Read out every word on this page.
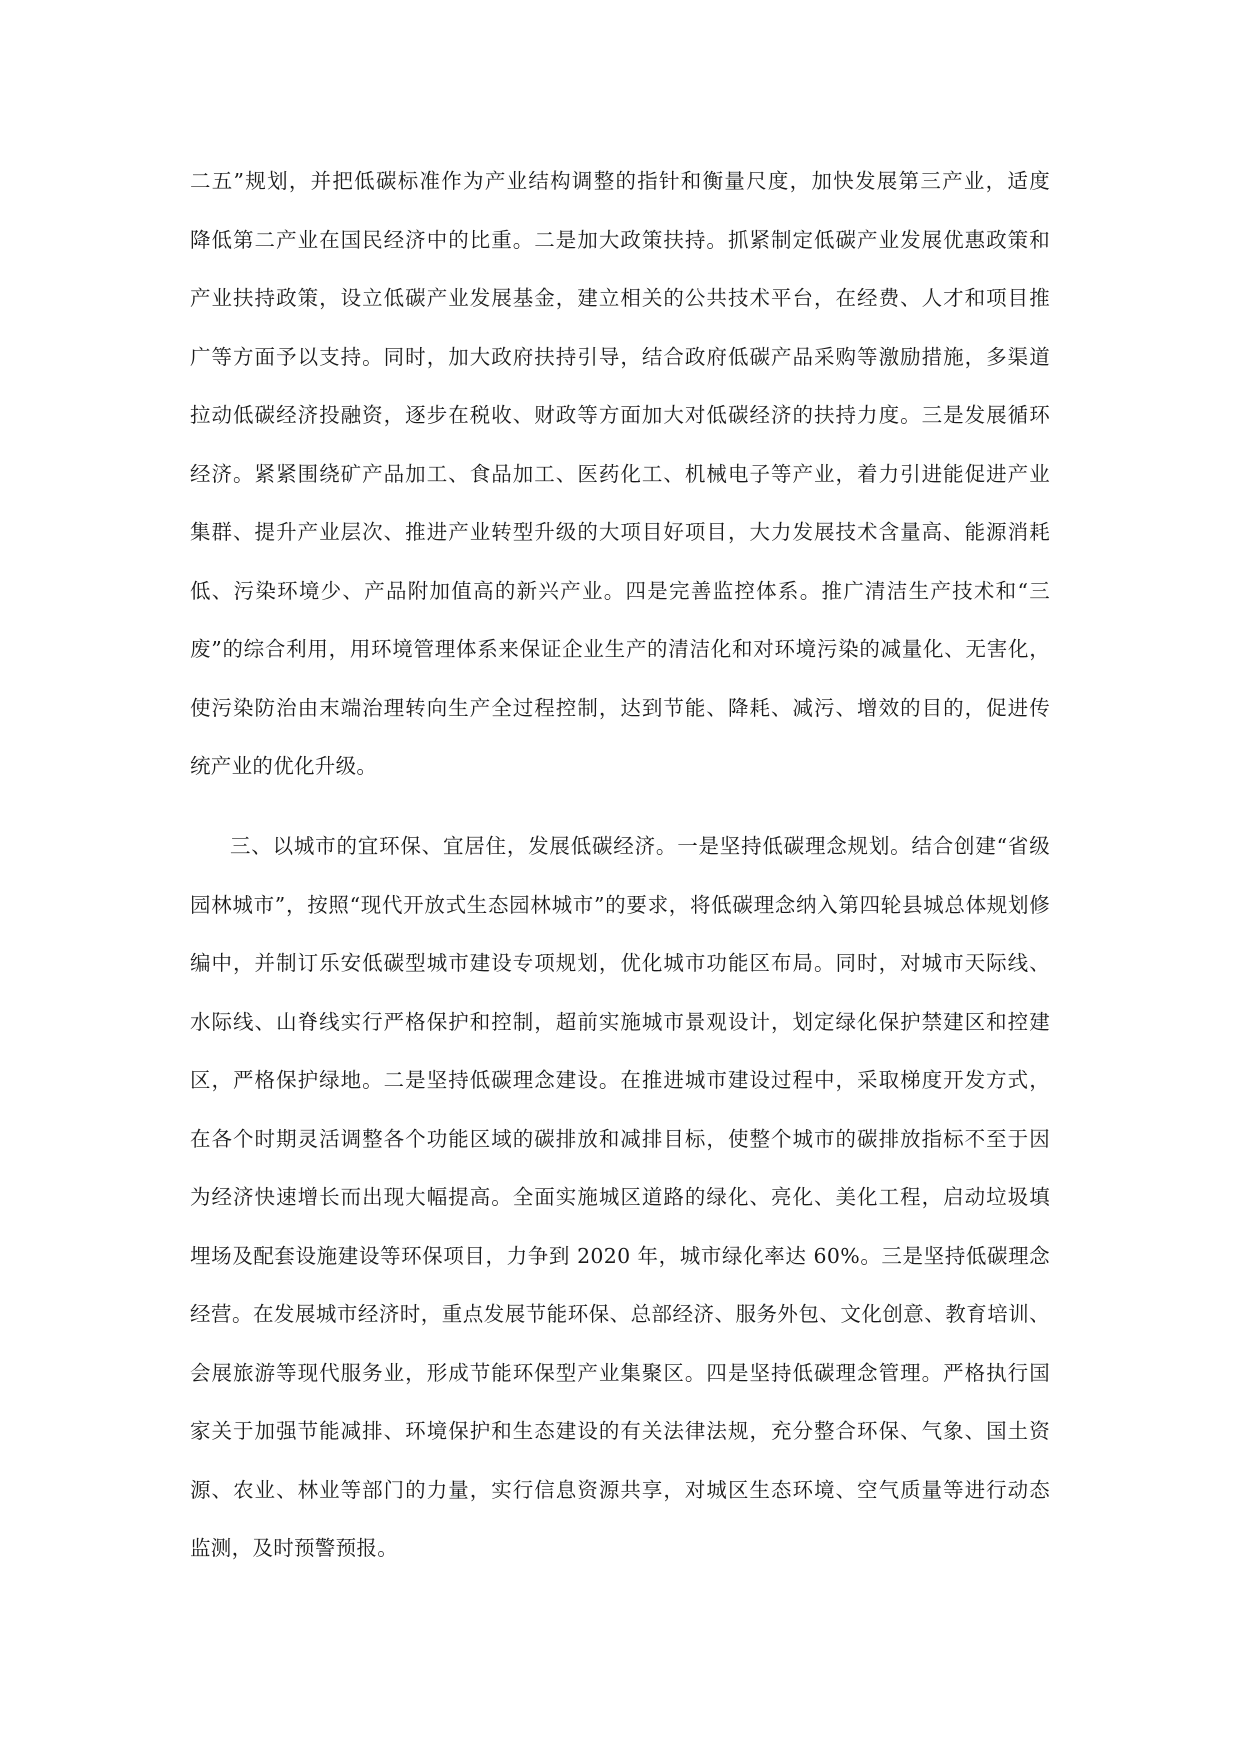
二五”规划，并把低碳标准作为产业结构调整的指针和衡量尺度，加快发展第三产业，适度
降低第二产业在国民经济中的比重。二是加大政策扶持。抓紧制定低碳产业发展优惠政策和
产业扶持政策，设立低碳产业发展基金，建立相关的公共技术平台，在经费、人才和项目推
广等方面予以支持。同时，加大政府扶持引导，结合政府低碳产品采购等激励措施，多渠道
拉动低碳经济投融资，逐步在税收、财政等方面加大对低碳经济的扶持力度。三是发展循环
经济。紧紧围绕矿产品加工、食品加工、医药化工、机械电子等产业，着力引进能促进产业
集群、提升产业层次、推进产业转型升级的大项目好项目，大力发展技术含量高、能源消耗
低、污染环境少、产品附加值高的新兴产业。四是完善监控体系。推广清洁生产技术和“三
废”的综合利用，用环境管理体系来保证企业生产的清洁化和对环境污染的减量化、无害化，
使污染防治由末端治理转向生产全过程控制，达到节能、降耗、减污、增效的目的，促进传
统产业的优化升级。
三、以城市的宜环保、宜居住，发展低碳经济。一是坚持低碳理念规划。结合创建“省级
园林城市”，按照“现代开放式生态园林城市”的要求，将低碳理念纳入第四轮县城总体规划修
编中，并制订乐安低碳型城市建设专项规划，优化城市功能区布局。同时，对城市天际线、
水际线、山脊线实行严格保护和控制，超前实施城市景观设计，划定绿化保护禁建区和控建
区，严格保护绿地。二是坚持低碳理念建设。在推进城市建设过程中，采取梯度开发方式，
在各个时期灵活调整各个功能区域的碳排放和减排目标，使整个城市的碳排放指标不至于因
为经济快速增长而出现大幅提高。全面实施城区道路的绿化、亮化、美化工程，启动垃圾填
埋场及配套设施建设等环保项目，力争到 2020 年，城市绿化率达 60%。三是坚持低碳理念
经营。在发展城市经济时，重点发展节能环保、总部经济、服务外包、文化创意、教育培训、
会展旅游等现代服务业，形成节能环保型产业集聚区。四是坚持低碳理念管理。严格执行国
家关于加强节能减排、环境保护和生态建设的有关法律法规，充分整合环保、气象、国土资
源、农业、林业等部门的力量，实行信息资源共享，对城区生态环境、空气质量等进行动态
监测，及时预警预报。
